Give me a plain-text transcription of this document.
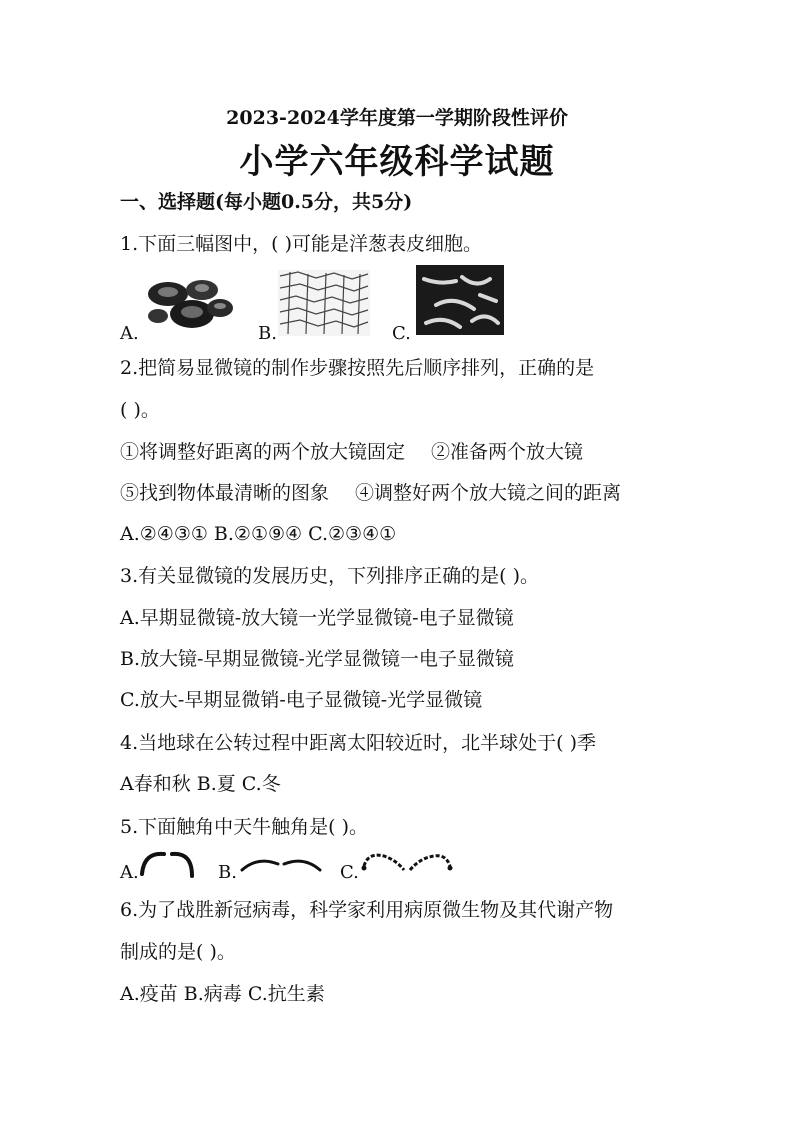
2023-2024学年度第一学期阶段性评价
小学六年级科学试题
一、选择题(每小题0.5分，共5分)
1.下面三幅图中，( )可能是洋葱表皮细胞。
A.	B.	C.
2.把简易显微镜的制作步骤按照先后顺序排列，正确的是
( )。
①将调整好距离的两个放大镜固定 ②准备两个放大镜
⑤找到物体最清晰的图象 ④调整好两个放大镜之间的距离
A.②④③① B.②①⑨④ C.②③④①
3.有关显微镜的发展历史，下列排序正确的是( )。
A.早期显微镜-放大镜一光学显微镜-电子显微镜
B.放大镜-早期显微镜-光学显微镜一电子显微镜
C.放大-早期显微销-电子显微镜-光学显微镜
4.当地球在公转过程中距离太阳较近时，北半球处于( )季
A春和秋 B.夏 C.冬
5.下面触角中天牛触角是( )。
A.	B.	C.
6.为了战胜新冠病毒，科学家利用病原微生物及其代谢产物
制成的是( )。
A.疫苗 B.病毒 C.抗生素
